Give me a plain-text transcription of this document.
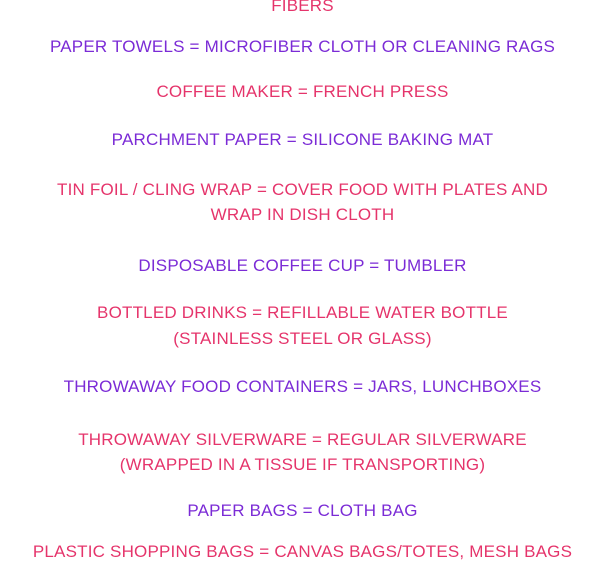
FIBERS
PAPER TOWELS = MICROFIBER CLOTH OR CLEANING RAGS
COFFEE MAKER = FRENCH PRESS
PARCHMENT PAPER = SILICONE BAKING MAT
TIN FOIL / CLING WRAP = COVER FOOD WITH PLATES AND
WRAP IN DISH CLOTH
DISPOSABLE COFFEE CUP = TUMBLER
BOTTLED DRINKS = REFILLABLE WATER BOTTLE
(STAINLESS STEEL OR GLASS)
THROWAWAY FOOD CONTAINERS = JARS, LUNCHBOXES
THROWAWAY SILVERWARE = REGULAR SILVERWARE
(WRAPPED IN A TISSUE IF TRANSPORTING)
PAPER BAGS = CLOTH BAG
PLASTIC SHOPPING BAGS = CANVAS BAGS/TOTES, MESH BAGS
